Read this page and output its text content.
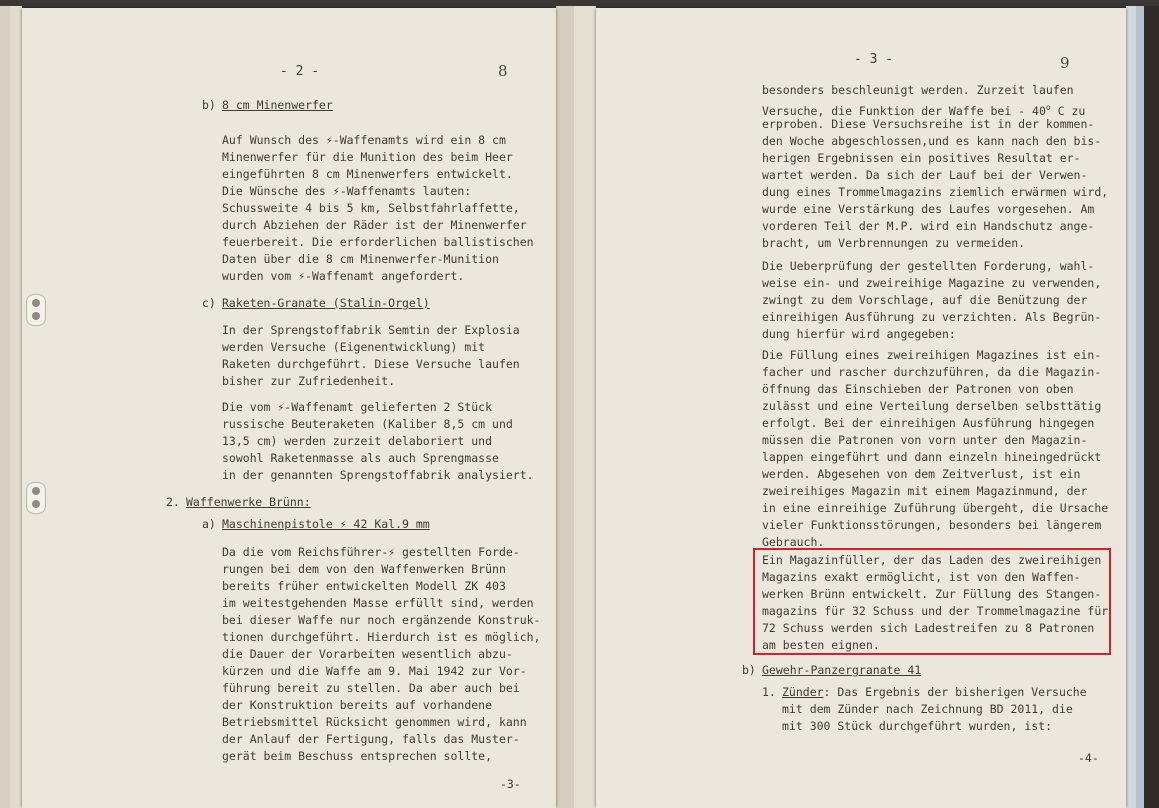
- 2 -	8
b) 8 cm Minenwerfer
Auf Wunsch des ⚡-Waffenamts wird ein 8 cm
Minenwerfer für die Munition des beim Heer
eingeführten 8 cm Minenwerfers entwickelt.
Die Wünsche des ⚡-Waffenamts lauten:
Schussweite 4 bis 5 km, Selbstfahrlaffette,
durch Abziehen der Räder ist der Minenwerfer
feuerbereit. Die erforderlichen ballistischen
Daten über die 8 cm Minenwerfer-Munition
wurden vom ⚡-Waffenamt angefordert.
c) Raketen-Granate (Stalin-Orgel)
In der Sprengstoffabrik Semtin der Explosia
werden Versuche (Eigenentwicklung) mit
Raketen durchgeführt. Diese Versuche laufen
bisher zur Zufriedenheit.
Die vom ⚡-Waffenamt gelieferten 2 Stück
russische Beuteraketen (Kaliber 8,5 cm und
13,5 cm) werden zurzeit delaboriert und
sowohl Raketenmasse als auch Sprengmasse
in der genannten Sprengstoffabrik analysiert.
2. Waffenwerke Brünn:
a) Maschinenpistole ⚡ 42 Kal.9 mm
Da die vom Reichsführer-⚡ gestellten Forde-
rungen bei dem von den Waffenwerken Brünn
bereits früher entwickelten Modell ZK 403
im weitestgehenden Masse erfüllt sind, werden
bei dieser Waffe nur noch ergänzende Konstruk-
tionen durchgeführt. Hierdurch ist es möglich,
die Dauer der Vorarbeiten wesentlich abzu-
kürzen und die Waffe am 9. Mai 1942 zur Vor-
führung bereit zu stellen. Da aber auch bei
der Konstruktion bereits auf vorhandene
Betriebsmittel Rücksicht genommen wird, kann
der Anlauf der Fertigung, falls das Muster-
gerät beim Beschuss entsprechen sollte,
-3-
- 3 -	9
besonders beschleunigt werden. Zurzeit laufen
Versuche, die Funktion der Waffe bei - 40$^o$ C zu
erproben. Diese Versuchsreihe ist in der kommen-
den Woche abgeschlossen,und es kann nach den bis-
herigen Ergebnissen ein positives Resultat er-
wartet werden. Da sich der Lauf bei der Verwen-
dung eines Trommelmagazins ziemlich erwärmen wird,
wurde eine Verstärkung des Laufes vorgesehen. Am
vorderen Teil der M.P. wird ein Handschutz ange-
bracht, um Verbrennungen zu vermeiden.
Die Ueberprüfung der gestellten Forderung, wahl-
weise ein- und zweireihige Magazine zu verwenden,
zwingt zu dem Vorschlage, auf die Benützung der
einreihigen Ausführung zu verzichten. Als Begrün-
dung hierfür wird angegeben:
Die Füllung eines zweireihigen Magazines ist ein-
facher und rascher durchzuführen, da die Magazin-
öffnung das Einschieben der Patronen von oben
zulässt und eine Verteilung derselben selbsttätig
erfolgt. Bei der einreihigen Ausführung hingegen
müssen die Patronen von vorn unter den Magazin-
lappen eingeführt und dann einzeln hineingedrückt
werden. Abgesehen von dem Zeitverlust, ist ein
zweireihiges Magazin mit einem Magazinmund, der
in eine einreihige Zuführung übergeht, die Ursache
vieler Funktionsstörungen, besonders bei längerem
Gebrauch.
Ein Magazinfüller, der das Laden des zweireihigen
Magazins exakt ermöglicht, ist von den Waffen-
werken Brünn entwickelt. Zur Füllung des Stangen-
magazins für 32 Schuss und der Trommelmagazine für
72 Schuss werden sich Ladestreifen zu 8 Patronen
am besten eignen.
b) Gewehr-Panzergranate 41
1. Zünder: Das Ergebnis der bisherigen Versuche
mit dem Zünder nach Zeichnung BD 2011, die
mit 300 Stück durchgeführt wurden, ist:
-4-
